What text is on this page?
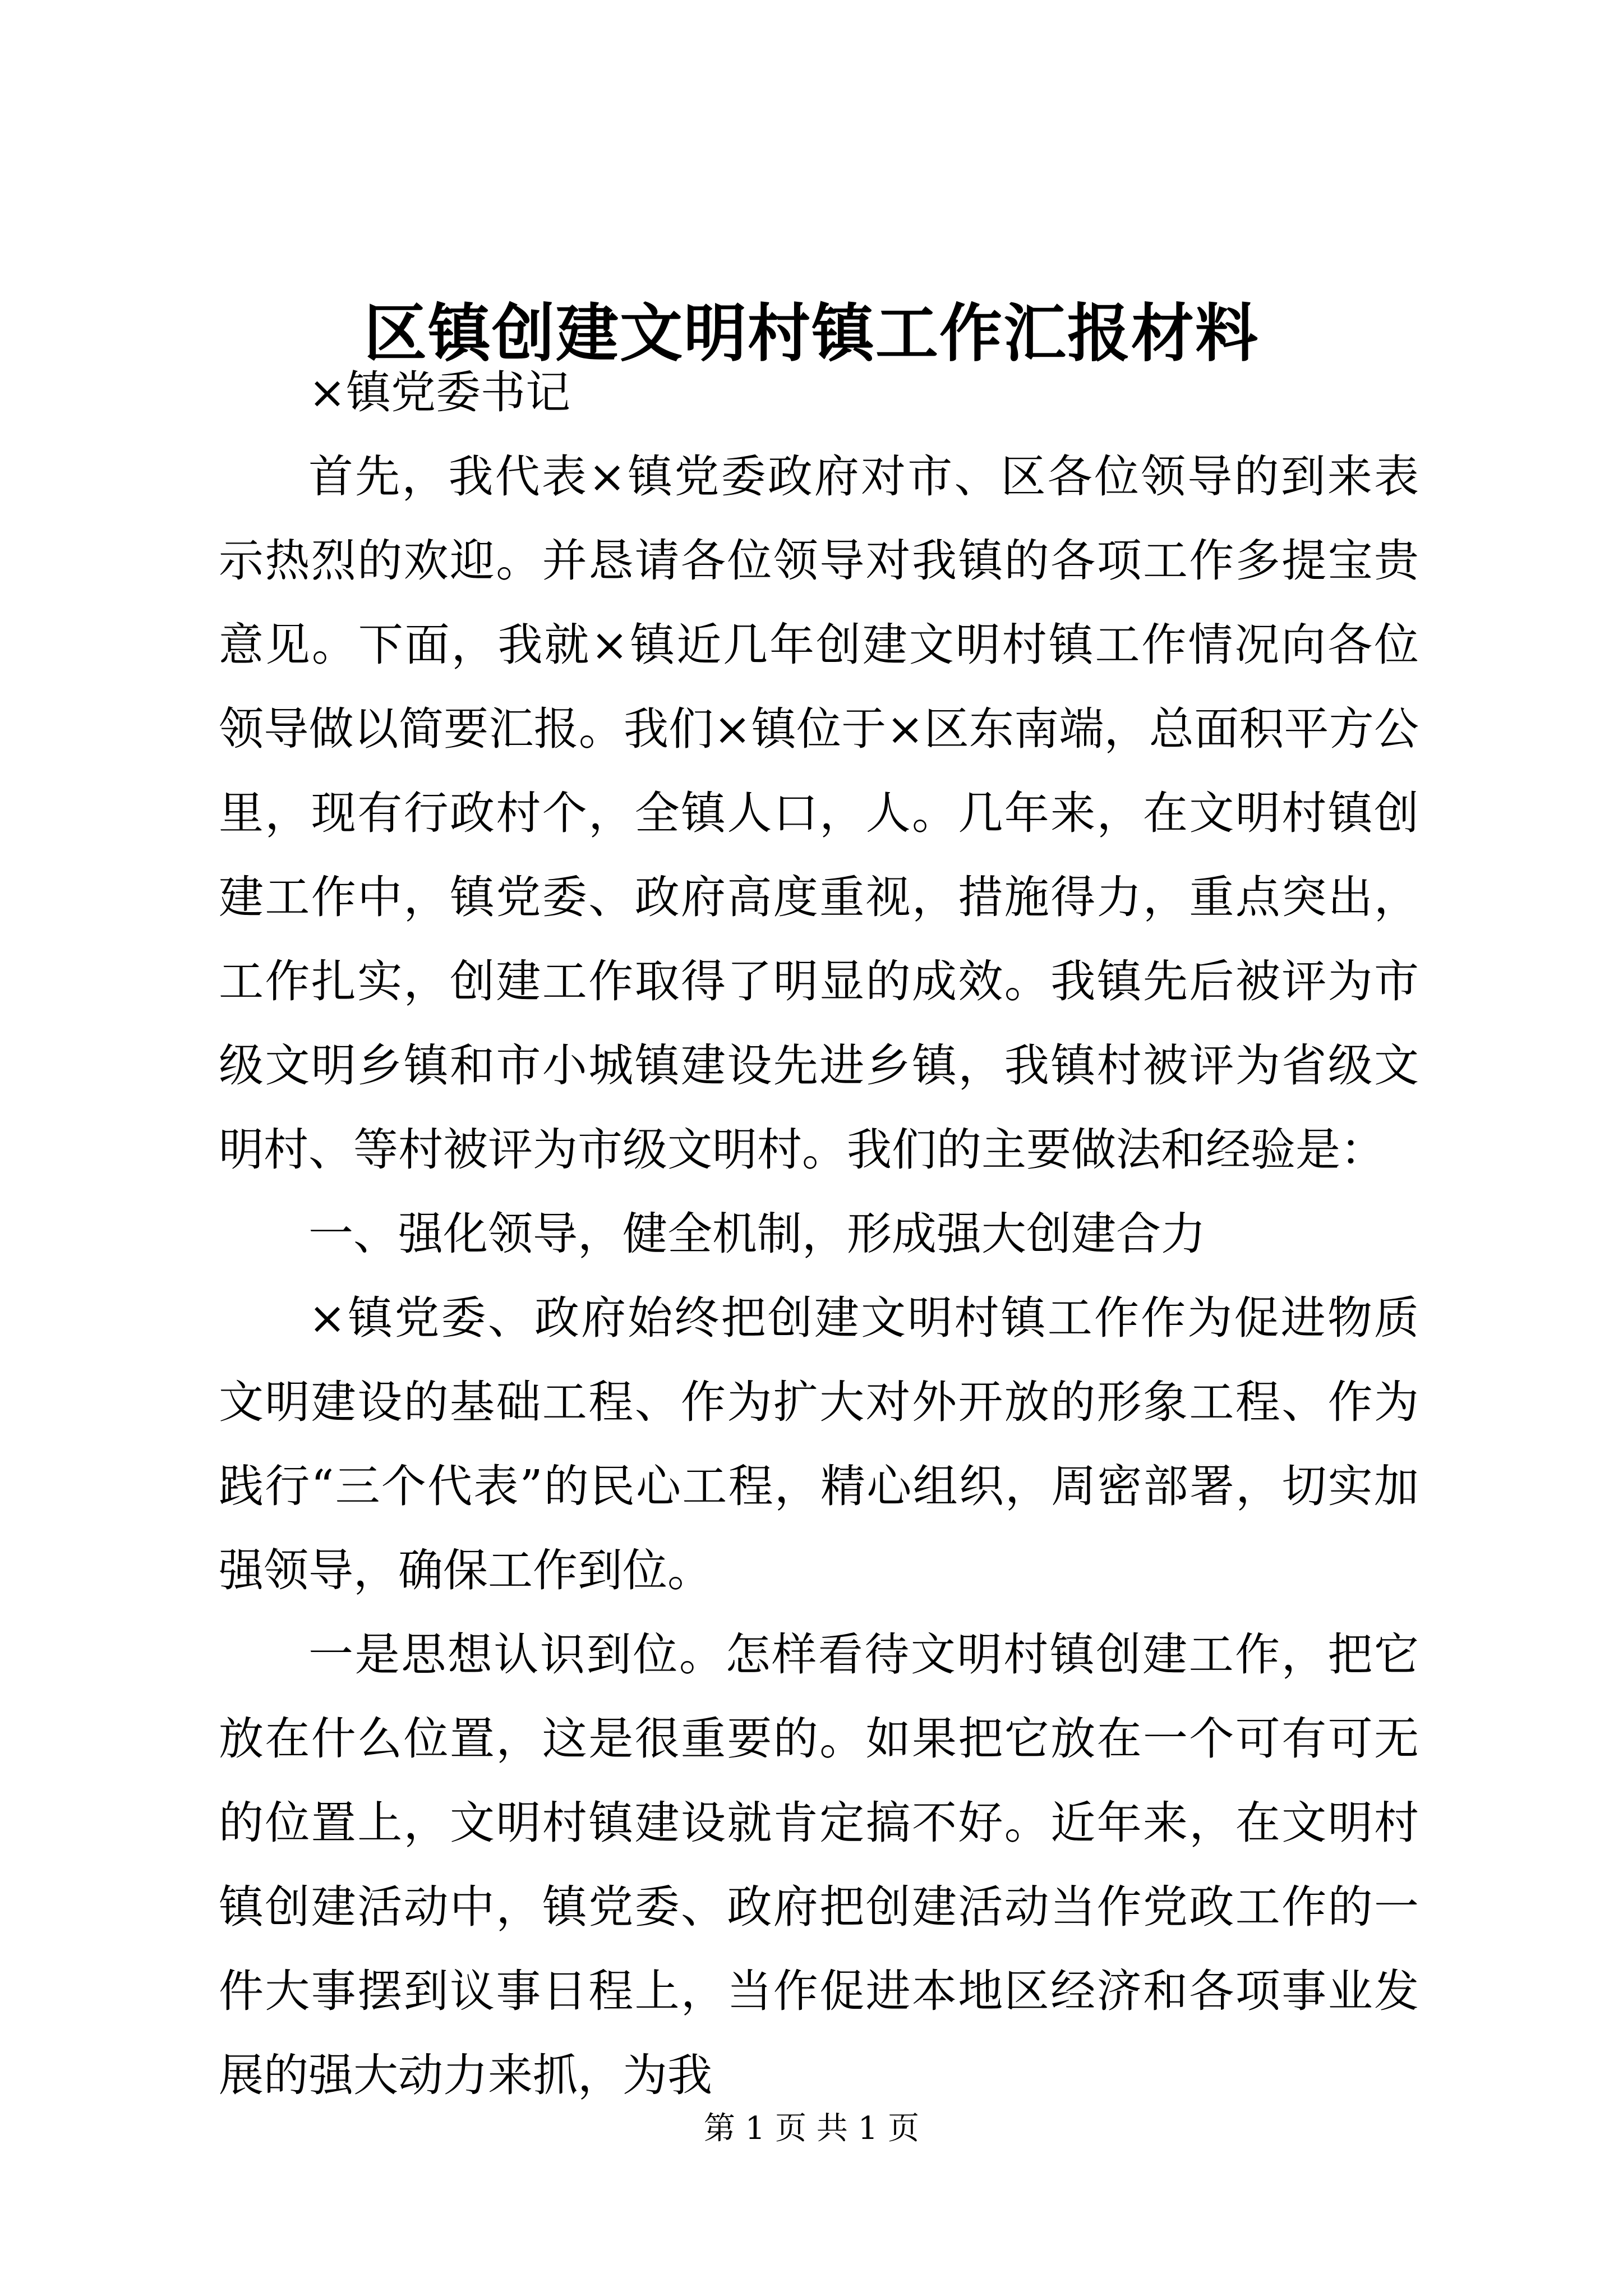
区镇创建文明村镇工作汇报材料

×镇党委书记

首先，我代表×镇党委政府对市、区各位领导的到来表示热烈的欢迎。并恳请各位领导对我镇的各项工作多提宝贵意见。下面，我就×镇近几年创建文明村镇工作情况向各位领导做以简要汇报。我们×镇位于×区东南端，总面积平方公里，现有行政村个，全镇人口，人。几年来，在文明村镇创建工作中，镇党委、政府高度重视，措施得力，重点突出，工作扎实，创建工作取得了明显的成效。我镇先后被评为市级文明乡镇和市小城镇建设先进乡镇，我镇村被评为省级文明村、等村被评为市级文明村。我们的主要做法和经验是：

一、强化领导，健全机制，形成强大创建合力

×镇党委、政府始终把创建文明村镇工作作为促进物质文明建设的基础工程、作为扩大对外开放的形象工程、作为践行“三个代表”的民心工程，精心组织，周密部署，切实加强领导，确保工作到位。

一是思想认识到位。怎样看待文明村镇创建工作，把它放在什么位置，这是很重要的。如果把它放在一个可有可无的位置上，文明村镇建设就肯定搞不好。近年来，在文明村镇创建活动中，镇党委、政府把创建活动当作党政工作的一件大事摆到议事日程上，当作促进本地区经济和各项事业发展的强大动力来抓，为我

第 1 页 共 1 页
